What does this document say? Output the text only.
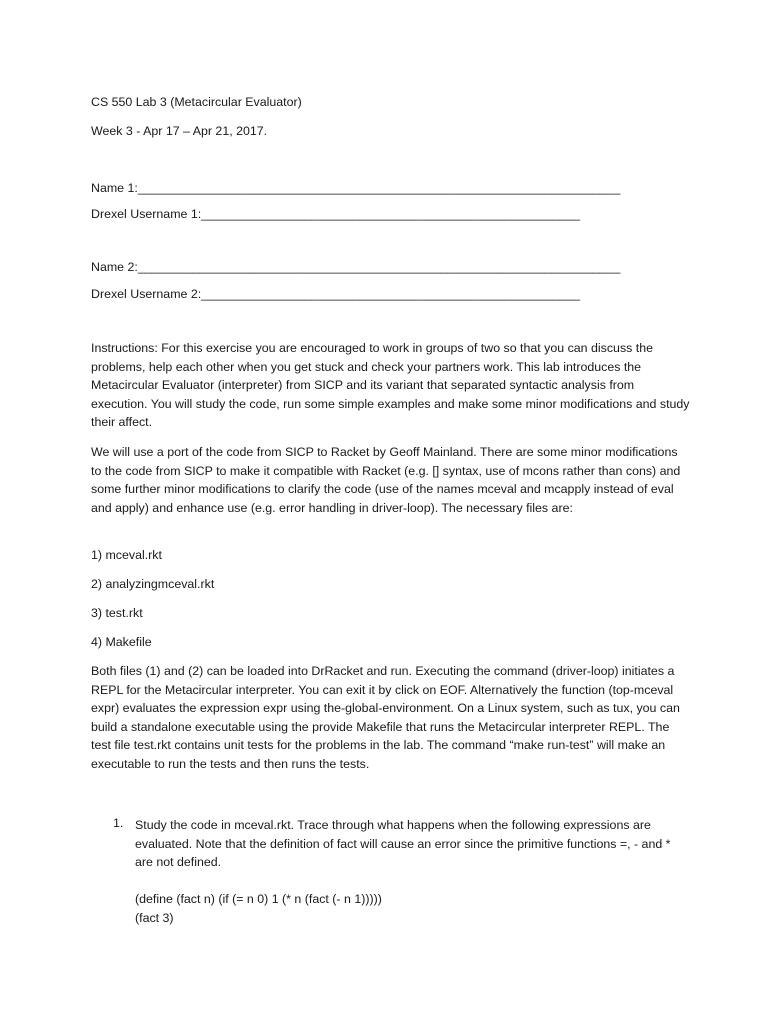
CS 550 Lab 3 (Metacircular Evaluator)
Week 3 - Apr 17 – Apr 21, 2017.
Name 1:______________________________________________________________________
Drexel Username 1:_______________________________________________________
Name 2:______________________________________________________________________
Drexel Username 2:_______________________________________________________

Instructions: For this exercise you are encouraged to work in groups of two so that you can discuss the problems, help each other when you get stuck and check your partners work. This lab introduces the Metacircular Evaluator (interpreter) from SICP and its variant that separated syntactic analysis from execution. You will study the code, run some simple examples and make some minor modifications and study their affect.

We will use a port of the code from SICP to Racket by Geoff Mainland. There are some minor modifications to the code from SICP to make it compatible with Racket (e.g. [] syntax, use of mcons rather than cons) and some further minor modifications to clarify the code (use of the names mceval and mcapply instead of eval and apply) and enhance use (e.g. error handling in driver-loop). The necessary files are:

1) mceval.rkt
2) analyzingmceval.rkt
3) test.rkt
4) Makefile

Both files (1) and (2) can be loaded into DrRacket and run. Executing the command (driver-loop) initiates a REPL for the Metacircular interpreter. You can exit it by click on EOF. Alternatively the function (top-mceval expr) evaluates the expression expr using the-global-environment. On a Linux system, such as tux, you can build a standalone executable using the provide Makefile that runs the Metacircular interpreter REPL. The test file test.rkt contains unit tests for the problems in the lab. The command “make run-test” will make an executable to run the tests and then runs the tests.

1. Study the code in mceval.rkt. Trace through what happens when the following expressions are evaluated. Note that the definition of fact will cause an error since the primitive functions =, - and * are not defined.
(define (fact n) (if (= n 0) 1 (* n (fact (- n 1)))))
(fact 3)
